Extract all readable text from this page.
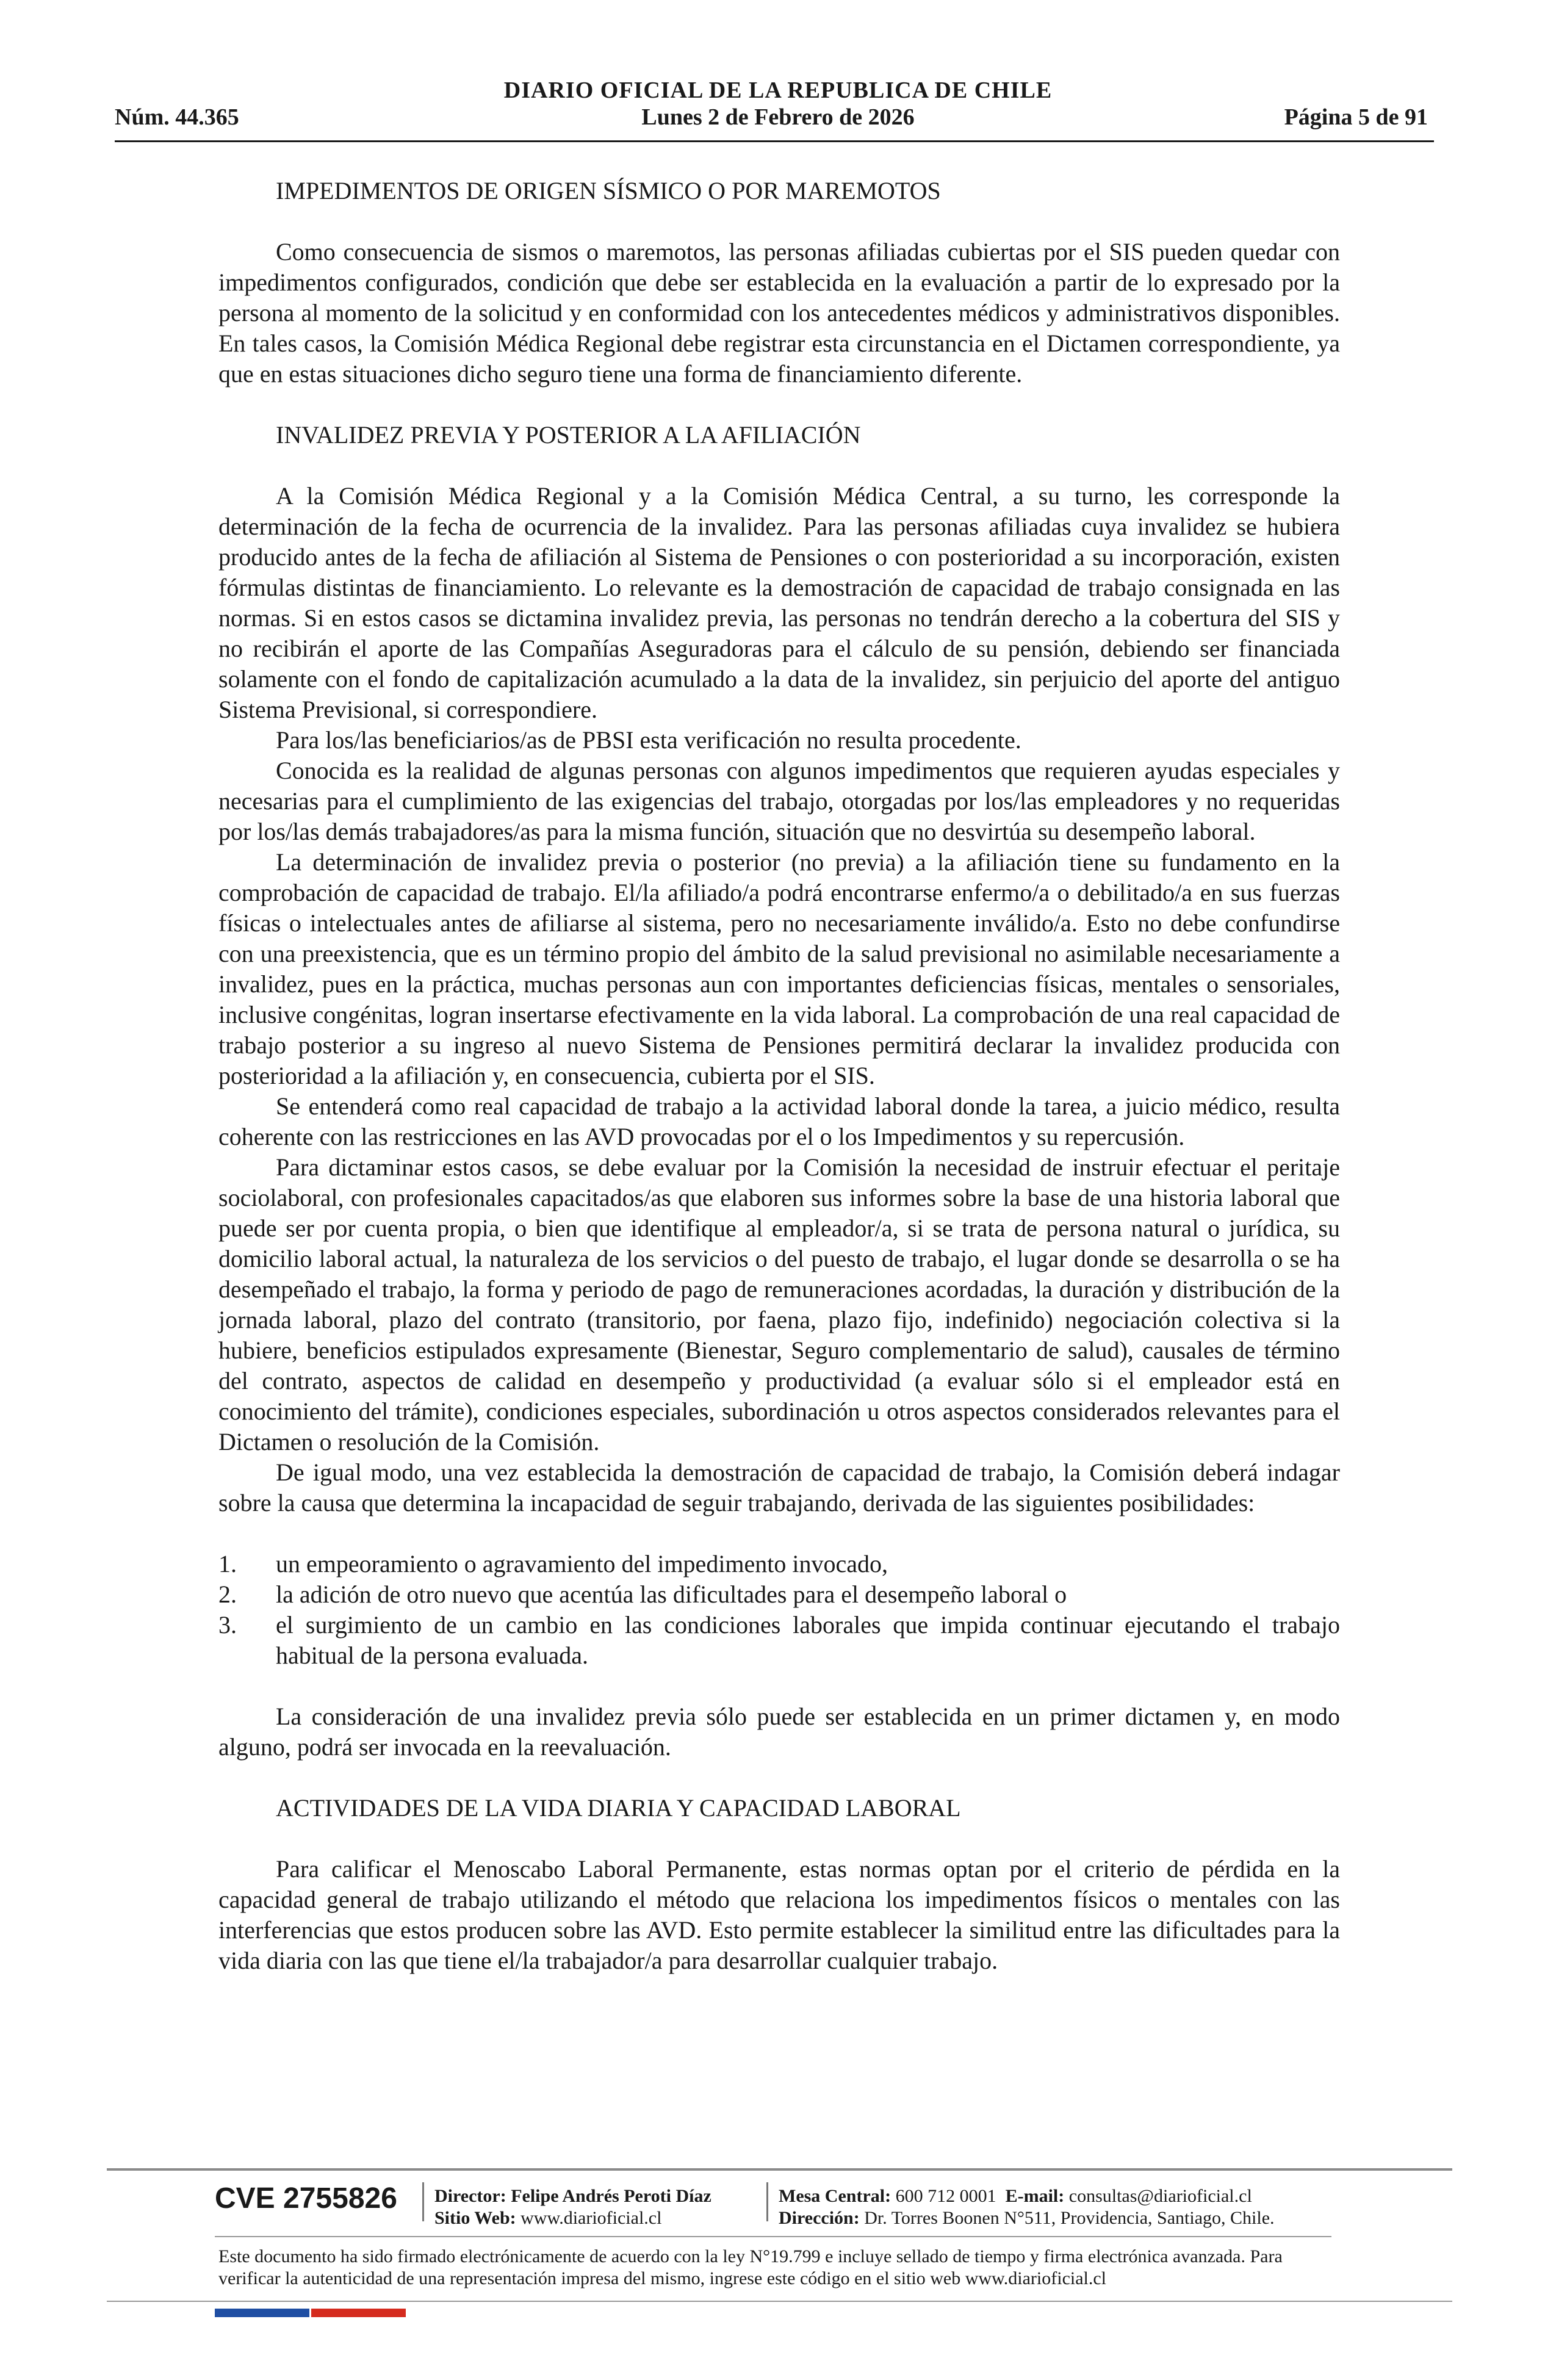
Núm. 44.365
DIARIO OFICIAL DE LA REPUBLICA DE CHILE
Lunes 2 de Febrero de 2026	Página 5 de 91
IMPEDIMENTOS DE ORIGEN SÍSMICO O POR MAREMOTOS

Como consecuencia de sismos o maremotos, las personas afiliadas cubiertas por el SIS pueden quedar con impedimentos configurados, condición que debe ser establecida en la evaluación a partir de lo expresado por la persona al momento de la solicitud y en conformidad con los antecedentes médicos y administrativos disponibles. En tales casos, la Comisión Médica Regional debe registrar esta circunstancia en el Dictamen correspondiente, ya que en estas situaciones dicho seguro tiene una forma de financiamiento diferente.

INVALIDEZ PREVIA Y POSTERIOR A LA AFILIACIÓN

A la Comisión Médica Regional y a la Comisión Médica Central, a su turno, les corresponde la determinación de la fecha de ocurrencia de la invalidez. Para las personas afiliadas cuya invalidez se hubiera producido antes de la fecha de afiliación al Sistema de Pensiones o con posterioridad a su incorporación, existen fórmulas distintas de financiamiento. Lo relevante es la demostración de capacidad de trabajo consignada en las normas. Si en estos casos se dictamina invalidez previa, las personas no tendrán derecho a la cobertura del SIS y no recibirán el aporte de las Compañías Aseguradoras para el cálculo de su pensión, debiendo ser financiada solamente con el fondo de capitalización acumulado a la data de la invalidez, sin perjuicio del aporte del antiguo Sistema Previsional, si correspondiere.

Para los/las beneficiarios/as de PBSI esta verificación no resulta procedente.

Conocida es la realidad de algunas personas con algunos impedimentos que requieren ayudas especiales y necesarias para el cumplimiento de las exigencias del trabajo, otorgadas por los/las empleadores y no requeridas por los/las demás trabajadores/as para la misma función, situación que no desvirtúa su desempeño laboral.

La determinación de invalidez previa o posterior (no previa) a la afiliación tiene su fundamento en la comprobación de capacidad de trabajo. El/la afiliado/a podrá encontrarse enfermo/a o debilitado/a en sus fuerzas físicas o intelectuales antes de afiliarse al sistema, pero no necesariamente inválido/a. Esto no debe confundirse con una preexistencia, que es un término propio del ámbito de la salud previsional no asimilable necesariamente a invalidez, pues en la práctica, muchas personas aun con importantes deficiencias físicas, mentales o sensoriales, inclusive congénitas, logran insertarse efectivamente en la vida laboral. La comprobación de una real capacidad de trabajo posterior a su ingreso al nuevo Sistema de Pensiones permitirá declarar la invalidez producida con posterioridad a la afiliación y, en consecuencia, cubierta por el SIS.

Se entenderá como real capacidad de trabajo a la actividad laboral donde la tarea, a juicio médico, resulta coherente con las restricciones en las AVD provocadas por el o los Impedimentos y su repercusión.

Para dictaminar estos casos, se debe evaluar por la Comisión la necesidad de instruir efectuar el peritaje sociolaboral, con profesionales capacitados/as que elaboren sus informes sobre la base de una historia laboral que puede ser por cuenta propia, o bien que identifique al empleador/a, si se trata de persona natural o jurídica, su domicilio laboral actual, la naturaleza de los servicios o del puesto de trabajo, el lugar donde se desarrolla o se ha desempeñado el trabajo, la forma y periodo de pago de remuneraciones acordadas, la duración y distribución de la jornada laboral, plazo del contrato (transitorio, por faena, plazo fijo, indefinido) negociación colectiva si la hubiere, beneficios estipulados expresamente (Bienestar, Seguro complementario de salud), causales de término del contrato, aspectos de calidad en desempeño y productividad (a evaluar sólo si el empleador está en conocimiento del trámite), condiciones especiales, subordinación u otros aspectos considerados relevantes para el Dictamen o resolución de la Comisión.

De igual modo, una vez establecida la demostración de capacidad de trabajo, la Comisión deberá indagar sobre la causa que determina la incapacidad de seguir trabajando, derivada de las siguientes posibilidades:

1. un empeoramiento o agravamiento del impedimento invocado,
2. la adición de otro nuevo que acentúa las dificultades para el desempeño laboral o
3. el surgimiento de un cambio en las condiciones laborales que impida continuar ejecutando el trabajo habitual de la persona evaluada.

La consideración de una invalidez previa sólo puede ser establecida en un primer dictamen y, en modo alguno, podrá ser invocada en la reevaluación.

ACTIVIDADES DE LA VIDA DIARIA Y CAPACIDAD LABORAL

Para calificar el Menoscabo Laboral Permanente, estas normas optan por el criterio de pérdida en la capacidad general de trabajo utilizando el método que relaciona los impedimentos físicos o mentales con las interferencias que estos producen sobre las AVD. Esto permite establecer la similitud entre las dificultades para la vida diaria con las que tiene el/la trabajador/a para desarrollar cualquier trabajo.

CVE 2755826 Director: Felipe Andrés Peroti Díaz
Sitio Web: www.diarioficial.cl
Mesa Central: 600 712 0001 E-mail: consultas@diarioficial.cl
Dirección: Dr. Torres Boonen N°511, Providencia, Santiago, Chile.
Este documento ha sido firmado electrónicamente de acuerdo con la ley N°19.799 e incluye sellado de tiempo y firma electrónica avanzada. Para verificar la autenticidad de una representación impresa del mismo, ingrese este código en el sitio web www.diarioficial.cl
